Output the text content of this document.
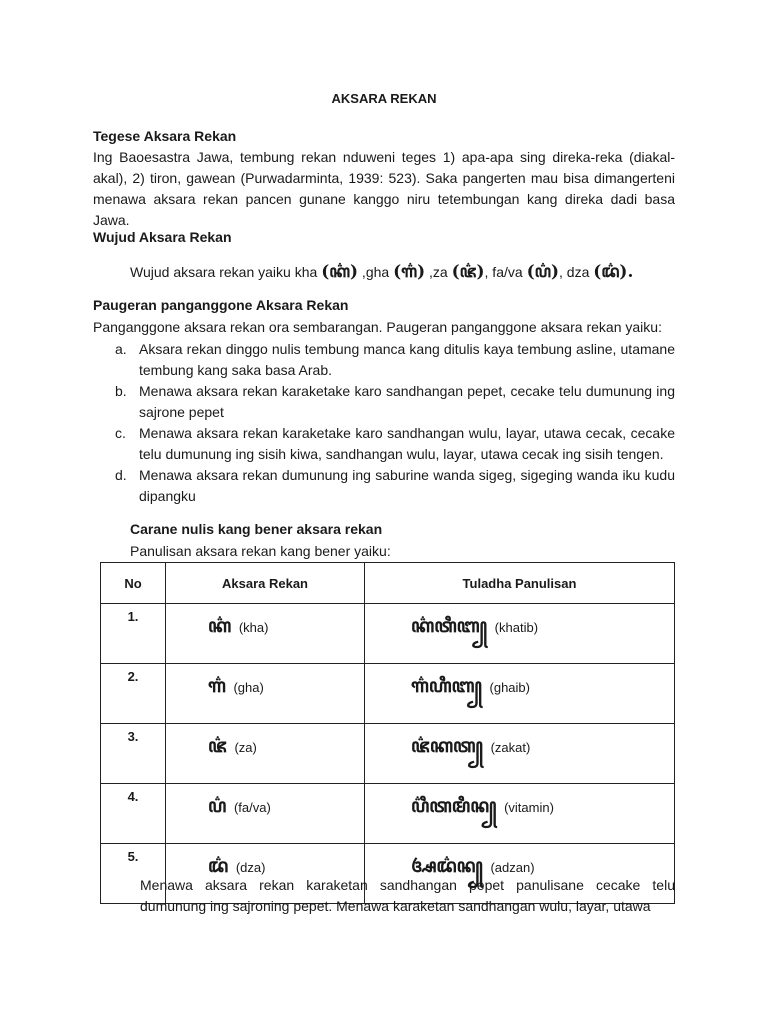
AKSARA REKAN
Tegese Aksara Rekan
Ing Baoesastra Jawa, tembung rekan nduweni teges 1) apa-apa sing direka-reka (diakal-akal), 2) tiron, gawean (Purwadarminta, 1939: 523). Saka pangerten mau bisa dimangerteni menawa aksara rekan pancen gunane kanggo niru tetembungan kang direka dadi basa Jawa.
Wujud Aksara Rekan
Wujud aksara rekan yaiku kha (ꦏ꦳) ,gha (ꦒ꦳) ,za (ꦗ꦳), fa/va (ꦥ꦳), dza (ꦢ꦳).
Paugeran panganggone Aksara Rekan
Panganggone aksara rekan ora sembarangan. Paugeran panganggone aksara rekan yaiku:
a. Aksara rekan dinggo nulis tembung manca kang ditulis kaya tembung asline, utamane tembung kang saka basa Arab.
b. Menawa aksara rekan karaketake karo sandhangan pepet, cecake telu dumunung ing sajrone pepet
c. Menawa aksara rekan karaketake karo sandhangan wulu, layar, utawa cecak, cecake telu dumunung ing sisih kiwa, sandhangan wulu, layar, utawa cecak ing sisih tengen.
d. Menawa aksara rekan dumunung ing saburine wanda sigeg, sigeging wanda iku kudu dipangku
Carane nulis kang bener aksara rekan
Panulisan aksara rekan kang bener yaiku:
No	Aksara Rekan	Tuladha Panulisan
1.	ꦏ꦳ (kha)	ꦏ꦳ꦠꦶꦧ꧀ (khatib)
2.	ꦒ꦳ (gha)	ꦒ꦳ꦲꦶꦧ꧀ (ghaib)
3.	ꦗ꦳ (za)	ꦗ꦳ꦏꦠ꧀ (zakat)
4.	ꦥ꦳ (fa/va)	ꦥ꦳ꦶꦠꦩꦶꦤ꧀ (vitamin)
5.	ꦢ꦳ (dza)	ꦄꦢ꦳ꦤ꧀ (adzan)
Menawa aksara rekan karaketan sandhangan pepet panulisane cecake telu dumunung ing sajroning pepet. Menawa karaketan sandhangan wulu, layar, utawa
